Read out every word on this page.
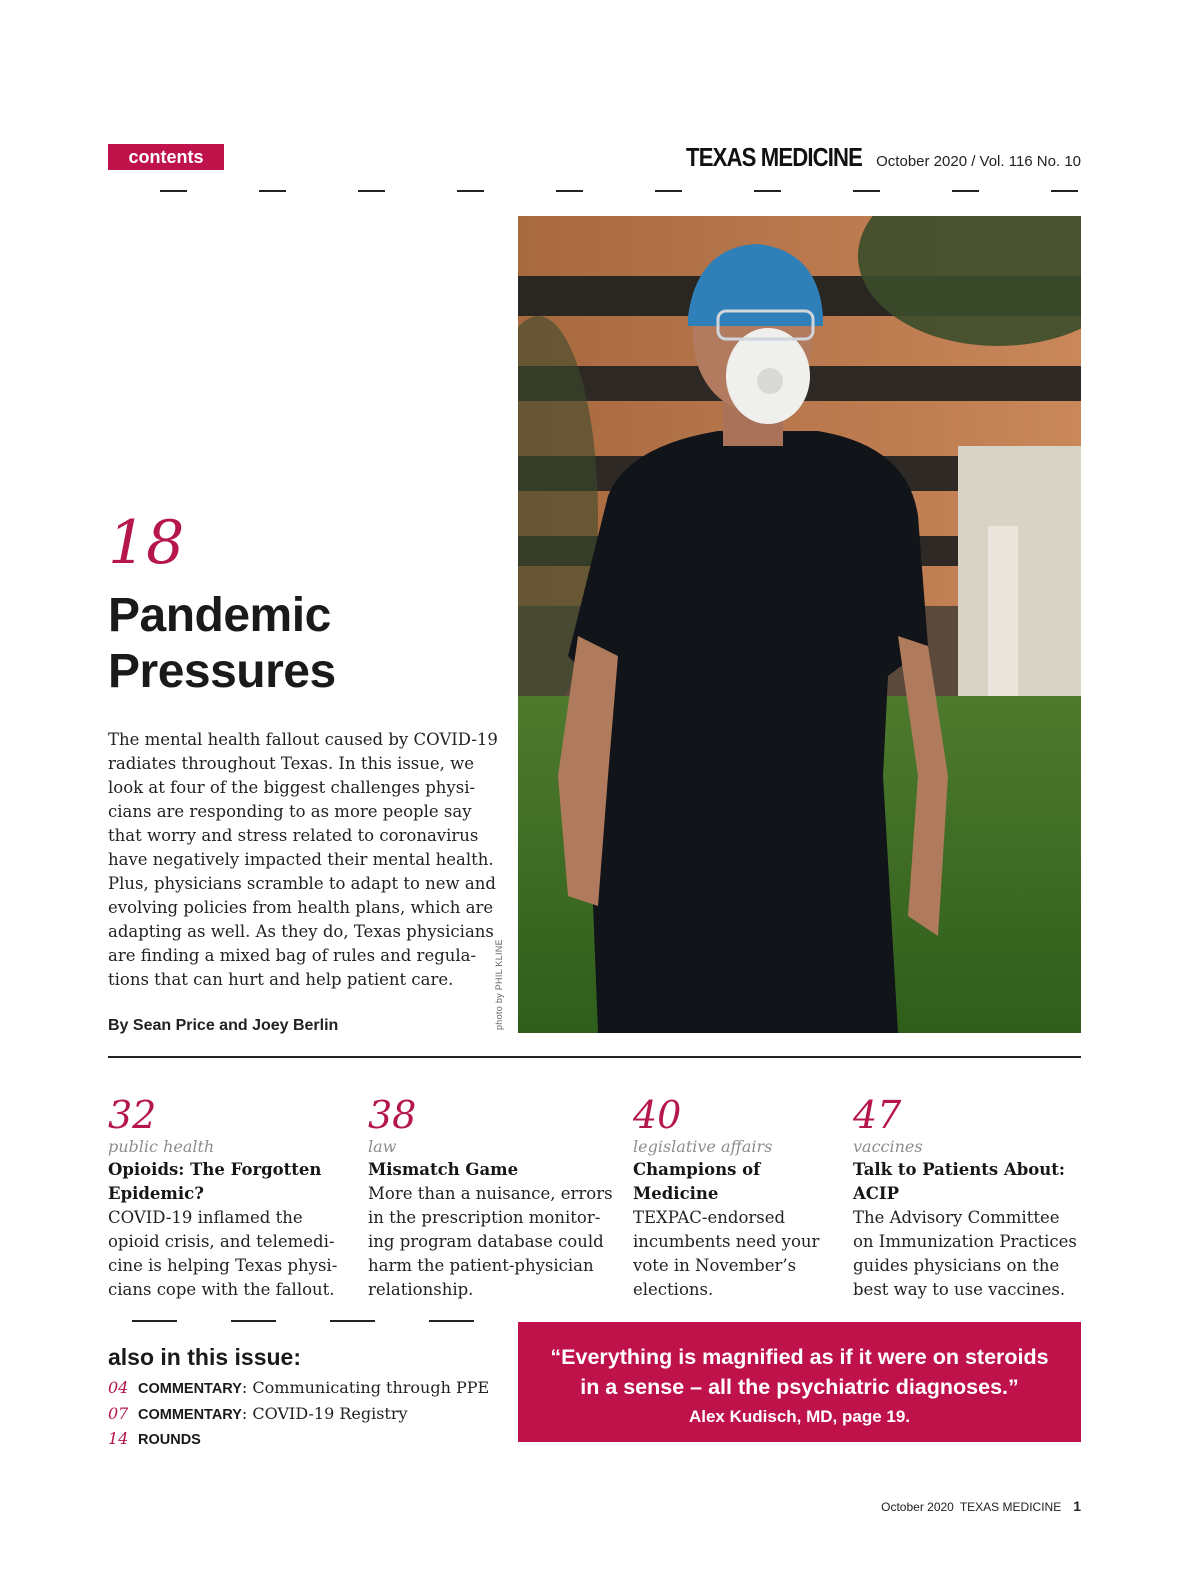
contents	TEXAS MEDICINE October 2020 / Vol. 116 No. 10
18
Pandemic
Pressures

The mental health fallout caused by COVID-19 radiates throughout Texas. In this issue, we look at four of the biggest challenges physicians are responding to as more people say that worry and stress related to coronavirus have negatively impacted their mental health. Plus, physicians scramble to adapt to new and evolving policies from health plans, which are adapting as well. As they do, Texas physicians are finding a mixed bag of rules and regulations that can hurt and help patient care.

By Sean Price and Joey Berlin	photo by PHIL KLINE
32
public health
Opioids: The Forgotten Epidemic?
COVID-19 inflamed the opioid crisis, and telemedicine is helping Texas physicians cope with the fallout.
38
law
Mismatch Game
More than a nuisance, errors in the prescription monitoring program database could harm the patient-physician relationship.
40
legislative affairs
Champions of Medicine
TEXPAC-endorsed incumbents need your vote in November’s elections.
47
vaccines
Talk to Patients About: ACIP
The Advisory Committee on Immunization Practices guides physicians on the best way to use vaccines.
also in this issue:
04 COMMENTARY: Communicating through PPE
07 COMMENTARY: COVID-19 Registry
14 ROUNDS
“Everything is magnified as if it were on steroids
in a sense – all the psychiatric diagnoses.”
Alex Kudisch, MD, page 19.
October 2020 TEXAS MEDICINE 1
